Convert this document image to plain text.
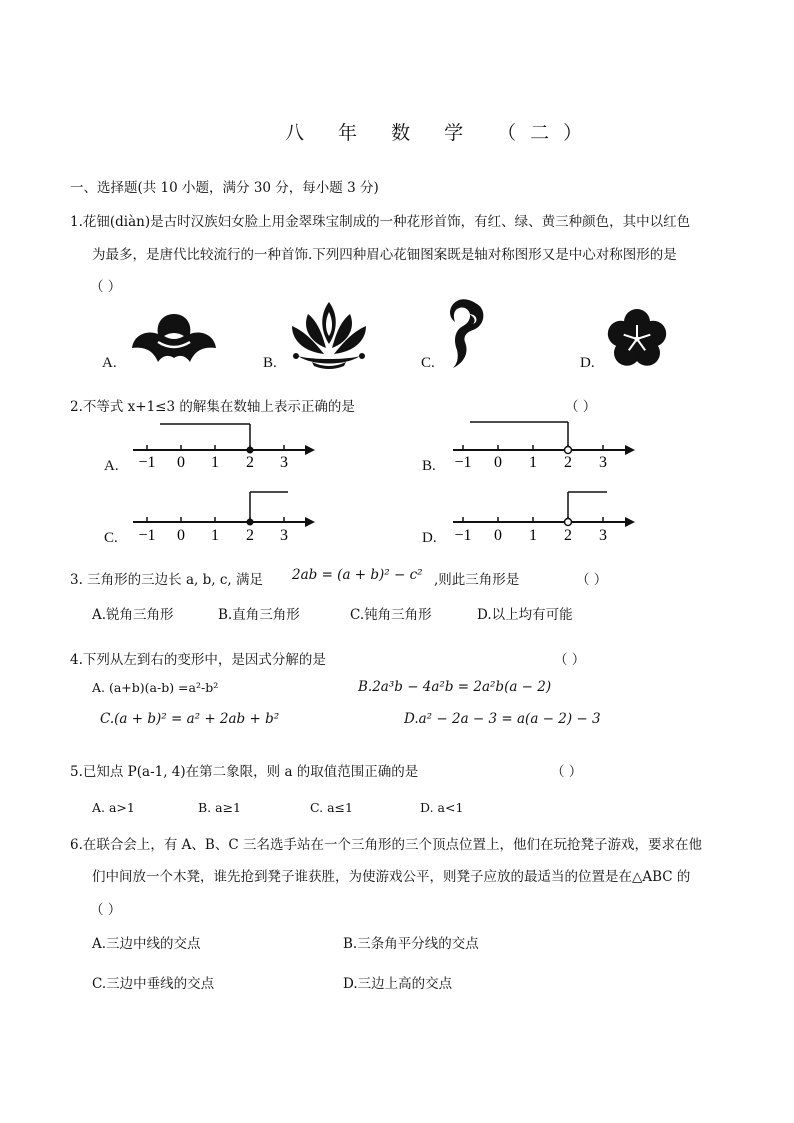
八 年 数 学 （二）
一、选择题(共 10 小题，满分 30 分，每小题 3 分)
1.花钿(diàn)是古时汉族妇女脸上用金翠珠宝制成的一种花形首饰，有红、绿、黄三种颜色，其中以红色
为最多，是唐代比较流行的一种首饰.下列四种眉心花钿图案既是轴对称图形又是中心对称图形的是
（ ）
A.	B.	C.	D.
2.不等式 x+1≤3 的解集在数轴上表示正确的是	（ ）
A. −1 0 1 2 3	B. −1 0 1 2 3
C. −1 0 1 2 3	D. −1 0 1 2 3
3. 三角形的三边长 a, b, c, 满足 2ab = (a + b)² − c² ,则此三角形是	（ ）
A.锐角三角形	B.直角三角形	C.钝角三角形	D.以上均有可能
4.下列从左到右的变形中，是因式分解的是	（ ）
A. (a+b)(a-b) =a²-b²	B.2a³b − 4a²b = 2a²b(a − 2)
C.(a + b)² = a² + 2ab + b²	D.a² − 2a − 3 = a(a − 2) − 3
5.已知点 P(a-1, 4)在第二象限，则 a 的取值范围正确的是	（ ）
A. a>1	B. a≥1	C. a≤1	D. a<1
6.在联合会上，有 A、B、C 三名选手站在一个三角形的三个顶点位置上，他们在玩抢凳子游戏，要求在他
们中间放一个木凳，谁先抢到凳子谁获胜，为使游戏公平，则凳子应放的最适当的位置是在△ABC 的
（ ）
A.三边中线的交点	B.三条角平分线的交点
C.三边中垂线的交点	D.三边上高的交点
